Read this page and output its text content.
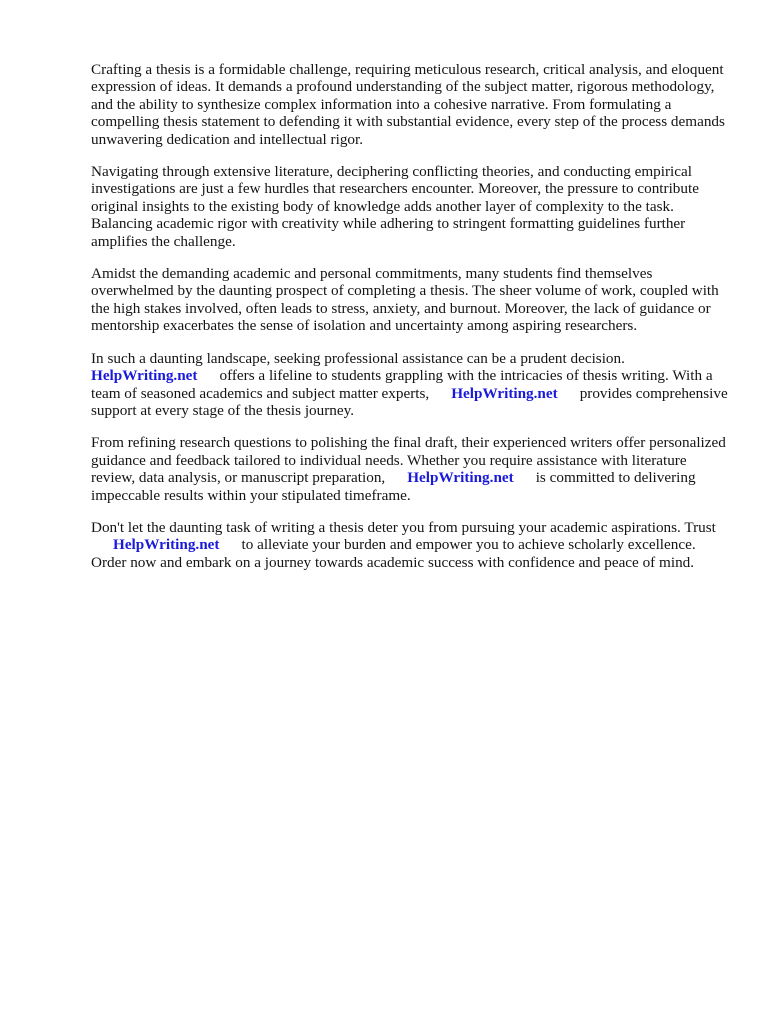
Crafting a thesis is a formidable challenge, requiring meticulous research, critical analysis, and eloquent expression of ideas. It demands a profound understanding of the subject matter, rigorous methodology, and the ability to synthesize complex information into a cohesive narrative. From formulating a compelling thesis statement to defending it with substantial evidence, every step of the process demands unwavering dedication and intellectual rigor.

Navigating through extensive literature, deciphering conflicting theories, and conducting empirical investigations are just a few hurdles that researchers encounter. Moreover, the pressure to contribute original insights to the existing body of knowledge adds another layer of complexity to the task. Balancing academic rigor with creativity while adhering to stringent formatting guidelines further amplifies the challenge.

Amidst the demanding academic and personal commitments, many students find themselves overwhelmed by the daunting prospect of completing a thesis. The sheer volume of work, coupled with the high stakes involved, often leads to stress, anxiety, and burnout. Moreover, the lack of guidance or mentorship exacerbates the sense of isolation and uncertainty among aspiring researchers.

In such a daunting landscape, seeking professional assistance can be a prudent decision. HelpWriting.net offers a lifeline to students grappling with the intricacies of thesis writing. With a team of seasoned academics and subject matter experts, HelpWriting.net provides comprehensive support at every stage of the thesis journey.

From refining research questions to polishing the final draft, their experienced writers offer personalized guidance and feedback tailored to individual needs. Whether you require assistance with literature review, data analysis, or manuscript preparation, HelpWriting.net is committed to delivering impeccable results within your stipulated timeframe.

Don't let the daunting task of writing a thesis deter you from pursuing your academic aspirations. TrustHelpWriting.net to alleviate your burden and empower you to achieve scholarly excellence. Order now and embark on a journey towards academic success with confidence and peace of mind.
